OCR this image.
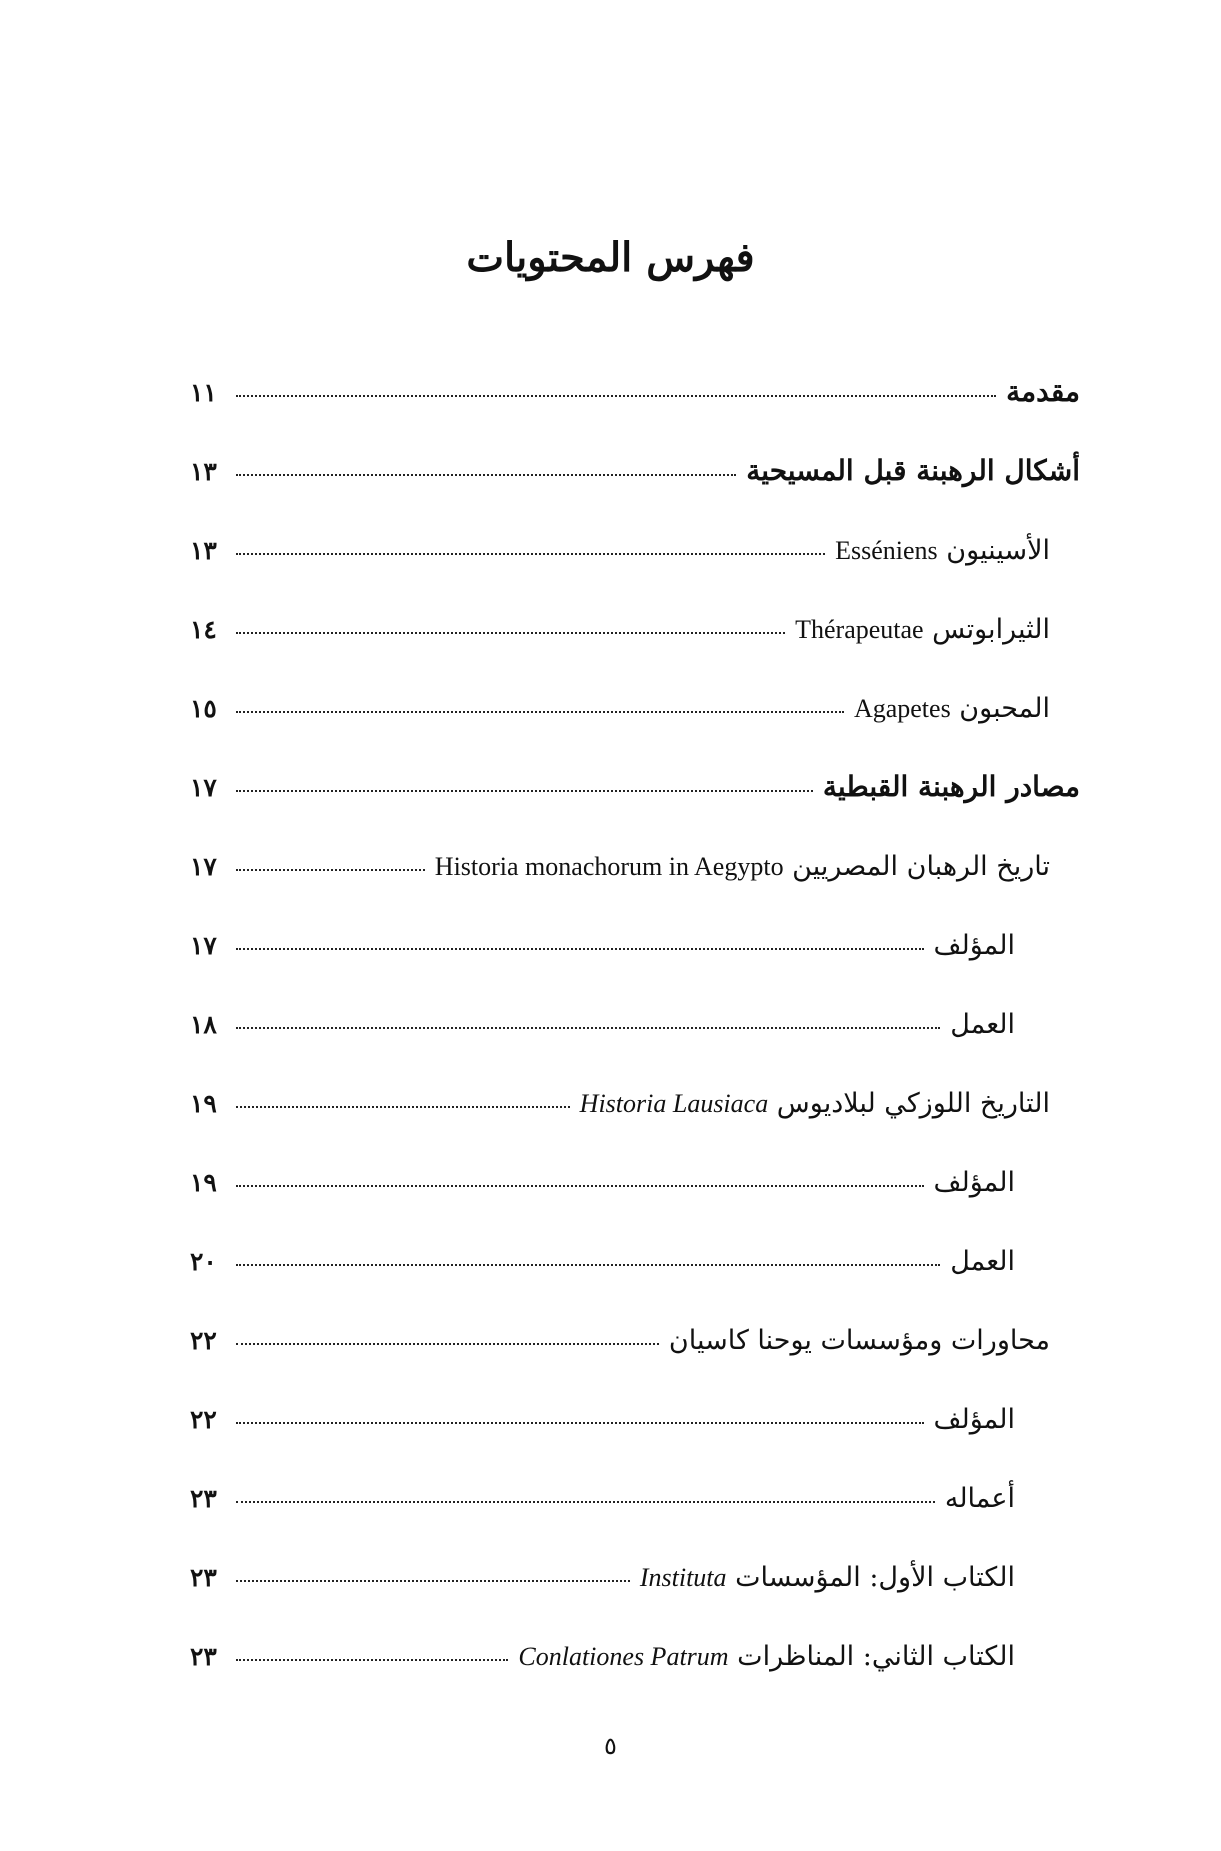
فهرس المحتويات
مقدمة
١١
أشكال الرهبنة قبل المسيحية
١٣
الأسينيون Esséniens
١٣
الثيرابوتس Thérapeutae
١٤
المحبون Agapetes
١٥
مصادر الرهبنة القبطية
١٧
تاريخ الرهبان المصريين Historia monachorum in Aegypto
١٧
المؤلف
١٧
العمل
١٨
التاريخ اللوزكي لبلاديوس Historia Lausiaca
١٩
المؤلف
١٩
العمل
٢٠
محاورات ومؤسسات يوحنا كاسيان
٢٢
المؤلف
٢٢
أعماله
٢٣
الكتاب الأول: المؤسسات Instituta
٢٣
الكتاب الثاني: المناظرات Conlationes Patrum
٢٣
٥
